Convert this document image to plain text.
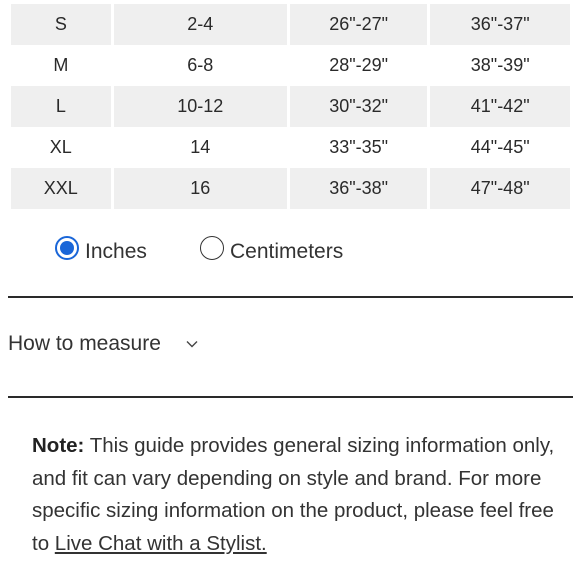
S	2-4	26"-27"	36"-37"
M	6-8	28"-29"	38"-39"
L	10-12	30"-32"	41"-42"
XL	14	33"-35"	44"-45"
XXL	16	36"-38"	47"-48"
Inches	Centimeters
How to measure
Note: This guide provides general sizing information only, and fit can vary depending on style and brand. For more specific sizing information on the product, please feel free to Live Chat with a Stylist.
